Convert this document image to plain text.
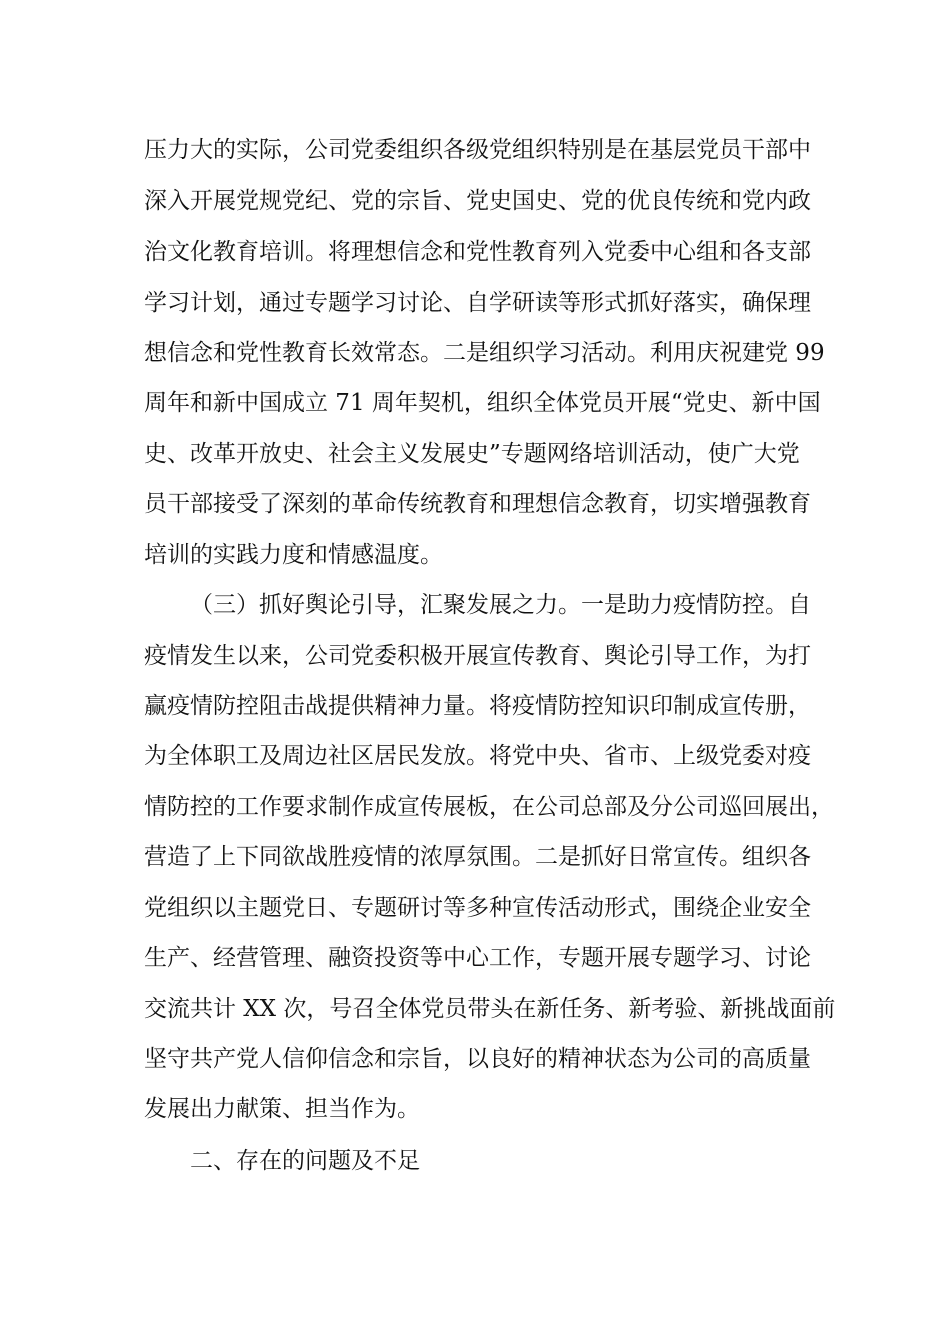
压力大的实际，公司党委组织各级党组织特别是在基层党员干部中
深入开展党规党纪、党的宗旨、党史国史、党的优良传统和党内政
治文化教育培训。将理想信念和党性教育列入党委中心组和各支部
学习计划，通过专题学习讨论、自学研读等形式抓好落实，确保理
想信念和党性教育长效常态。二是组织学习活动。利用庆祝建党 99
周年和新中国成立 71 周年契机，组织全体党员开展“党史、新中国
史、改革开放史、社会主义发展史”专题网络培训活动，使广大党
员干部接受了深刻的革命传统教育和理想信念教育，切实增强教育
培训的实践力度和情感温度。
（三）抓好舆论引导，汇聚发展之力。一是助力疫情防控。自
疫情发生以来，公司党委积极开展宣传教育、舆论引导工作，为打
赢疫情防控阻击战提供精神力量。将疫情防控知识印制成宣传册，
为全体职工及周边社区居民发放。将党中央、省市、上级党委对疫
情防控的工作要求制作成宣传展板，在公司总部及分公司巡回展出，
营造了上下同欲战胜疫情的浓厚氛围。二是抓好日常宣传。组织各
党组织以主题党日、专题研讨等多种宣传活动形式，围绕企业安全
生产、经营管理、融资投资等中心工作，专题开展专题学习、讨论
交流共计 XX 次，号召全体党员带头在新任务、新考验、新挑战面前
坚守共产党人信仰信念和宗旨，以良好的精神状态为公司的高质量
发展出力献策、担当作为。
二、存在的问题及不足
